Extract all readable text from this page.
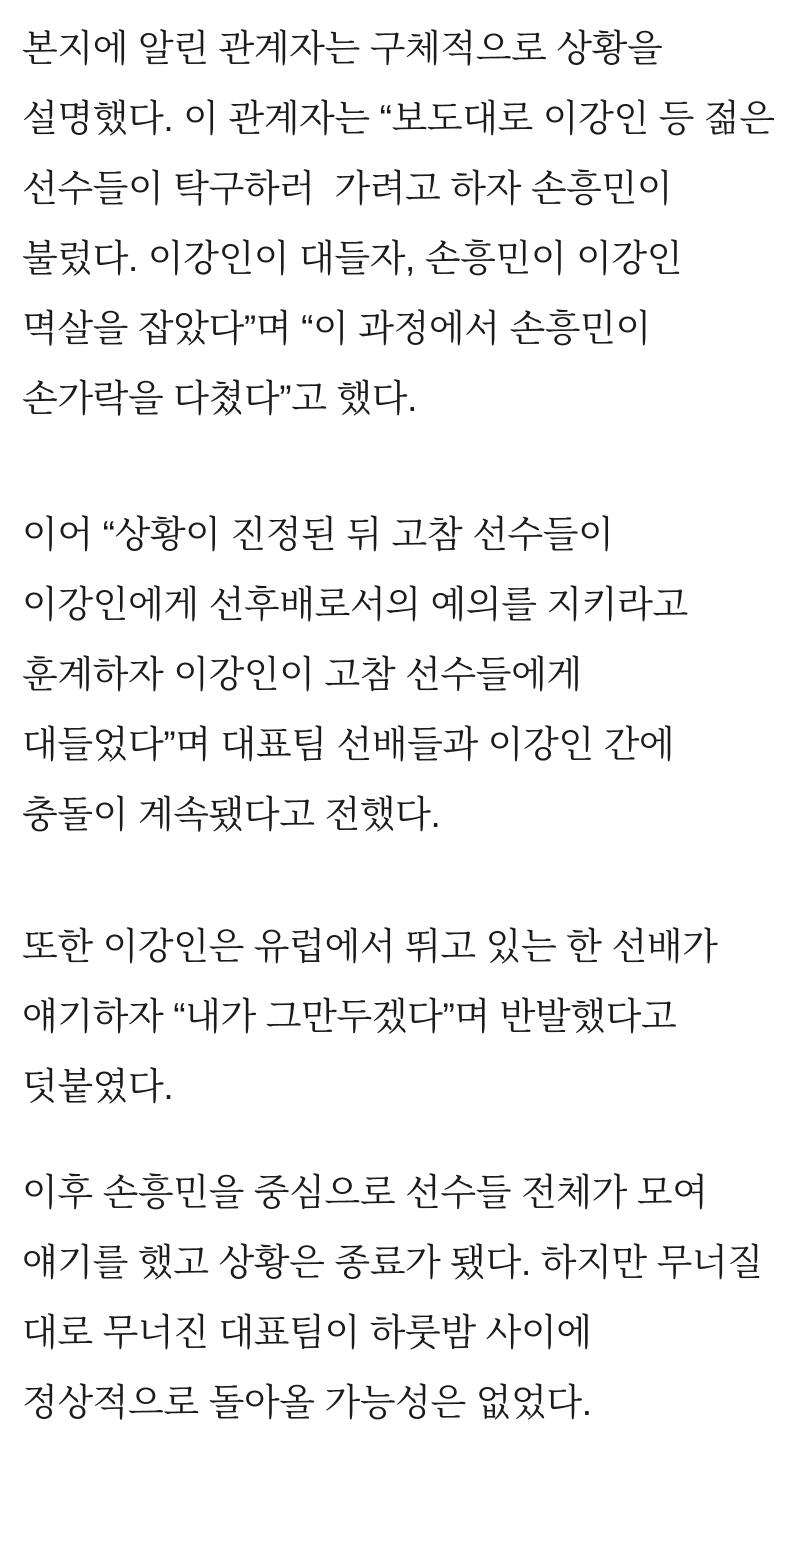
본지에 알린 관계자는 구체적으로 상황을 설명했다. 이 관계자는 “보도대로 이강인 등 젊은 선수들이 탁구하러  가려고 하자 손흥민이 불렀다. 이강인이 대들자, 손흥민이 이강인 멱살을 잡았다”며 “이 과정에서 손흥민이 손가락을 다쳤다”고 했다.

이어 “상황이 진정된 뒤 고참 선수들이 이강인에게 선후배로서의 예의를 지키라고 훈계하자 이강인이 고참 선수들에게 대들었다”며 대표팀 선배들과 이강인 간에 충돌이 계속됐다고 전했다.

또한 이강인은 유럽에서 뛰고 있는 한 선배가 얘기하자 “내가 그만두겠다”며 반발했다고 덧붙였다.

이후 손흥민을 중심으로 선수들 전체가 모여 얘기를 했고 상황은 종료가 됐다. 하지만 무너질 대로 무너진 대표팀이 하룻밤 사이에 정상적으로 돌아올 가능성은 없었다.
